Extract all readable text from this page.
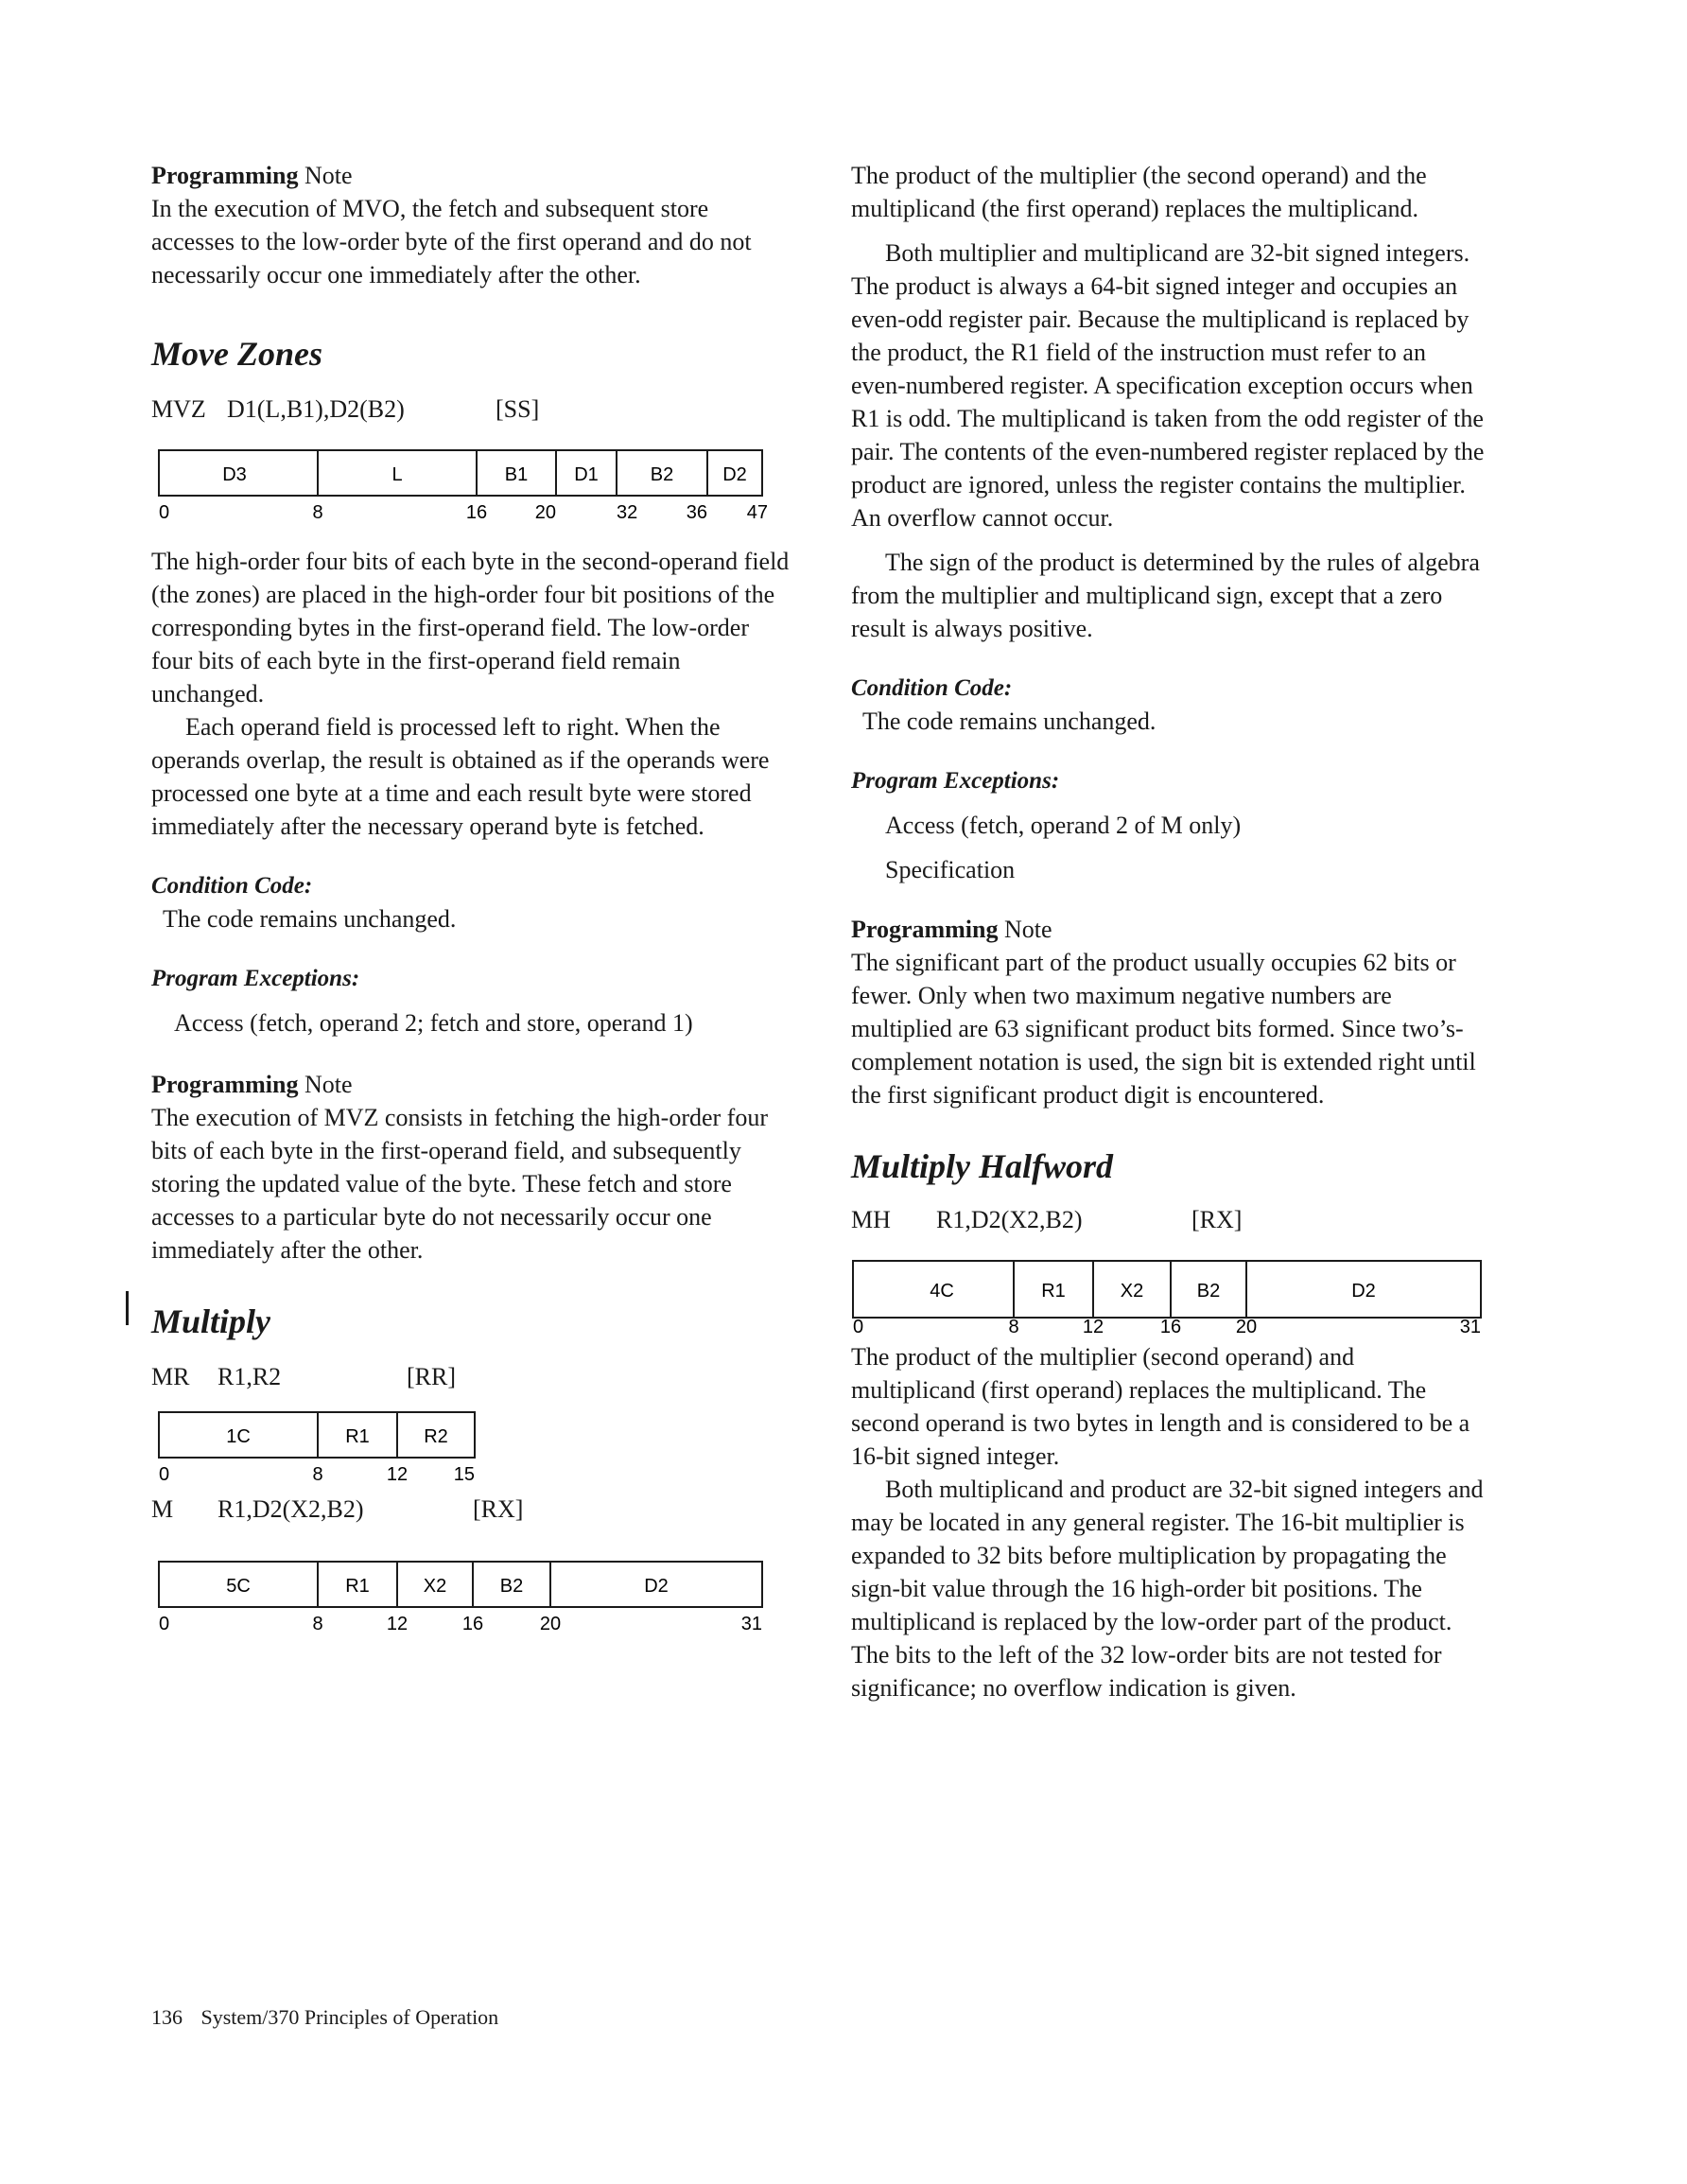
Programming Note

In the execution of MVO, the fetch and subsequent store accesses to the low-order byte of the first operand and do not necessarily occur one immediately after the other.

Move Zones
MVZ D1(L,B1),D2(B2)	[SS]
D3	L	B1 D1	B2	D2
0	8	16	20	32	36 47

The high-order four bits of each byte in the second-operand field (the zones) are placed in the high-order four bit positions of the corresponding bytes in the first-operand field. The low-order four bits of each byte in the first-operand field remain unchanged.

Each operand field is processed left to right. When the operands overlap, the result is obtained as if the operands were processed one byte at a time and each result byte were stored immediately after the necessary operand byte is fetched.

Condition Code:

The code remains unchanged.

Program Exceptions:

Access (fetch, operand 2; fetch and store, operand 1)

Programming Note

The execution of MVZ consists in fetching the high-order four bits of each byte in the first-operand field, and subsequently storing the updated value of the byte. These fetch and store accesses to a particular byte do not necessarily occur one immediately after the other.

Multiply
MR	R1,R2	[RR]
1C	R1	R2
0	8	12 15
M	R1,D2(X2,B2)	[RX]
5C	R1	X2	B2	D2
0	8	12	16	20	31

The product of the multiplier (the second operand) and the multiplicand (the first operand) replaces the multiplicand.

Both multiplier and multiplicand are 32-bit signed integers. The product is always a 64-bit signed integer and occupies an even-odd register pair. Because the multiplicand is replaced by the product, the R1 field of the instruction must refer to an even-numbered register. A specification exception occurs when R1 is odd. The multiplicand is taken from the odd register of the pair. The contents of the even-numbered register replaced by the product are ignored, unless the register contains the multiplier. An overflow cannot occur.

The sign of the product is determined by the rules of algebra from the multiplier and multiplicand sign, except that a zero result is always positive.

Condition Code:

The code remains unchanged.

Program Exceptions:

Access (fetch, operand 2 of M only)

Specification

Programming Note

The significant part of the product usually occupies 62 bits or fewer. Only when two maximum negative numbers are multiplied are 63 significant product bits formed. Since two’s-complement notation is used, the sign bit is extended right until the first significant product digit is encountered.

Multiply Halfword
MH	R1,D2(X2,B2)	[RX]
4C	R1	X2	B2	D2
0	8	12	16	20	31

The product of the multiplier (second operand) and multiplicand (first operand) replaces the multiplicand. The second operand is two bytes in length and is considered to be a 16-bit signed integer.

Both multiplicand and product are 32-bit signed integers and may be located in any general register. The 16-bit multiplier is expanded to 32 bits before multiplication by propagating the sign-bit value through the 16 high-order bit positions. The multiplicand is replaced by the low-order part of the product. The bits to the left of the 32 low-order bits are not tested for significance; no overflow indication is given.

136 System/370 Principles of Operation
